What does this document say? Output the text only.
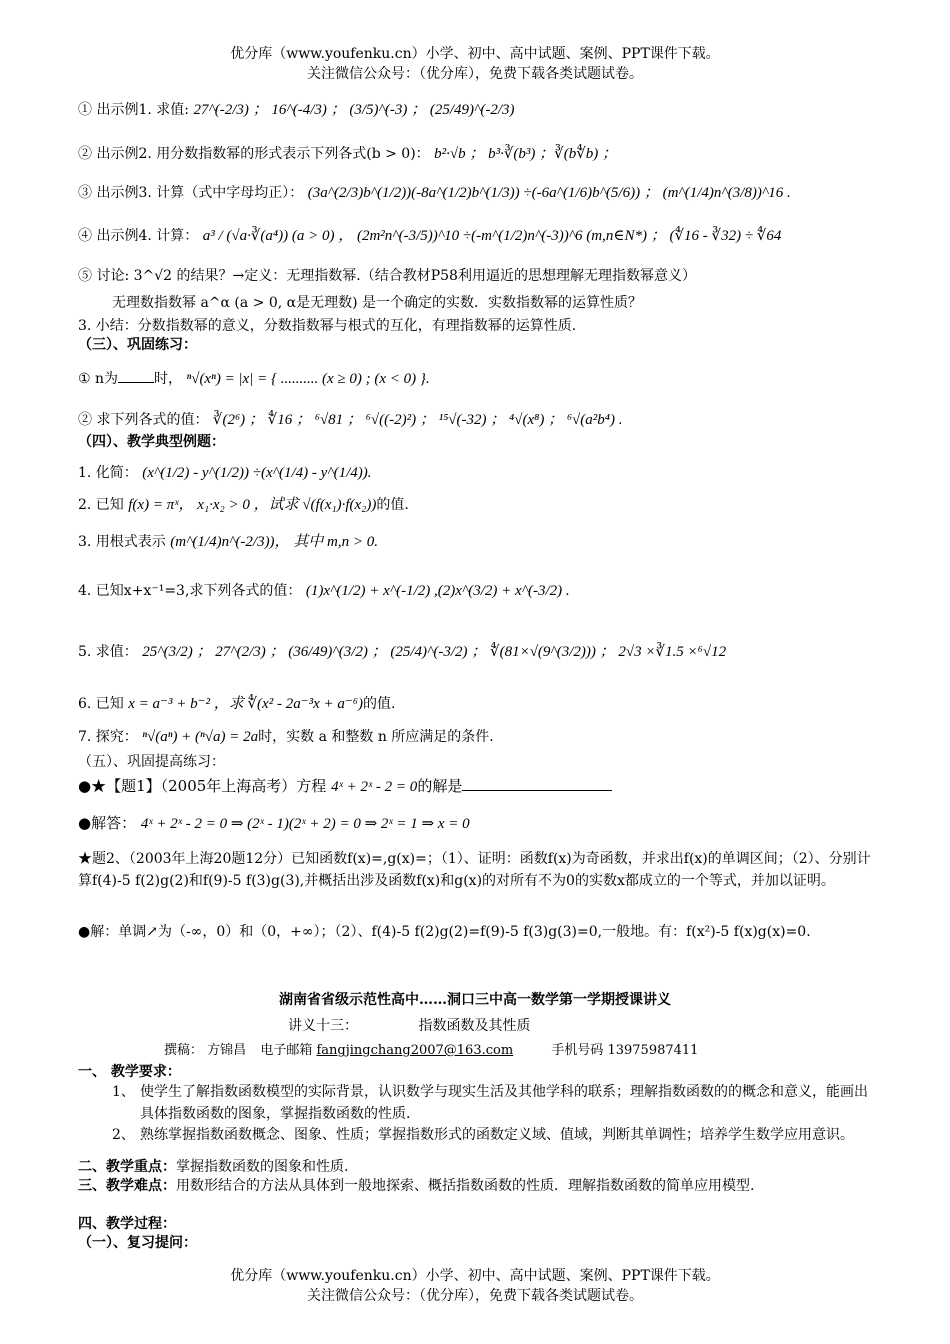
优分库（www.youfenku.cn）小学、初中、高中试题、案例、PPT课件下载。
关注微信公众号：（优分库），免费下载各类试题试卷。
① 出示例1. 求值: 27^(-2/3) ； 16^(-4/3) ； (3/5)^(-3) ； (25/49)^(-2/3)
② 出示例2. 用分数指数幂的形式表示下列各式(b > 0)： b²·√b ； b³·∛(b³) ；∛(b∜b) ；
③ 出示例3. 计算（式中字母均正）： (3a^(2/3)b^(1/2))(-8a^(1/2)b^(1/3)) ÷(-6a^(1/6)b^(5/6)) ； (m^(1/4)n^(3/8))^16 .
④ 出示例4. 计算： a³ / (√a·∛(a⁴)) (a > 0) ， (2m²n^(-3/5))^10 ÷(-m^(1/2)n^(-3))^6 (m,n∈N*) ； (∜16 - ∛32) ÷ ∜64
⑤ 讨论: 3^√2 的结果？→定义：无理指数幂.（结合教材P58利用逼近的思想理解无理指数幂意义）
无理数指数幂 a^α (a > 0, α是无理数) 是一个确定的实数．实数指数幂的运算性质？
3. 小结：分数指数幂的意义，分数指数幂与根式的互化，有理指数幂的运算性质.
（三）、巩固练习：
① n为	时， ⁿ√(xⁿ) = |x| = { .......... (x ≥ 0) ; (x < 0) }.
② 求下列各式的值： ∛(2⁶) ； ∜16 ； ⁶√81 ； ⁶√((-2)²) ； ¹⁵√(-32) ； ⁴√(x⁸) ； ⁶√(a²b⁴) .
（四）、教学典型例题：
1. 化简： (x^(1/2) - y^(1/2)) ÷(x^(1/4) - y^(1/4)).
2. 已知 f(x) = πˣ， x₁·x₂ > 0 ，试求 √(f(x₁)·f(x₂))的值.
3. 用根式表示 (m^(1/4)n^(-2/3))， 其中 m,n > 0.
4. 已知x+x⁻¹=3,求下列各式的值： (1)x^(1/2) + x^(-1/2) ,(2)x^(3/2) + x^(-3/2) .
5. 求值： 25^(3/2) ； 27^(2/3) ； (36/49)^(3/2) ； (25/4)^(-3/2) ； ∜(81×√(9^(3/2))) ； 2√3 ×∛1.5 ×⁶√12
6. 已知 x = a⁻³ + b⁻² ，求 ∜(x² - 2a⁻³x + a⁻⁶)的值.
7. 探究： ⁿ√(aⁿ) + (ⁿ√a) = 2a时，实数 a 和整数 n 所应满足的条件.
（五）、巩固提高练习：
●★【题1】（2005年上海高考）方程 4ˣ + 2ˣ - 2 = 0的解是
●解答： 4ˣ + 2ˣ - 2 = 0 ⇒ (2ˣ - 1)(2ˣ + 2) = 0 ⇒ 2ˣ = 1 ⇒ x = 0
★题2、（2003年上海20题12分）已知函数f(x)=,g(x)=；（1）、证明：函数f(x)为奇函数，并求出f(x)的单调区间；（2）、分别计算f(4)-5 f(2)g(2)和f(9)-5 f(3)g(3),并概括出涉及函数f(x)和g(x)的对所有不为0的实数x都成立的一个等式，并加以证明。
●解：单调↗为（-∞，0）和（0，+∞）；（2）、f(4)-5 f(2)g(2)=f(9)-5 f(3)g(3)=0,一般地。有：f(x²)-5 f(x)g(x)=0.
湖南省省级示范性高中……洞口三中高一数学第一学期授课讲义
讲义十三：	指数函数及其性质
撰稿： 方锦昌 电子邮箱 fangjingchang2007@163.com	手机号码 13975987411
一、 教学要求：
1、 使学生了解指数函数模型的实际背景，认识数学与现实生活及其他学科的联系；理解指数函数的的概念和意义，能画出具体指数函数的图象，掌握指数函数的性质.
2、 熟练掌握指数函数概念、图象、性质；掌握指数形式的函数定义域、值域，判断其单调性；培养学生数学应用意识。
二、教学重点：掌握指数函数的图象和性质.
三、教学难点：用数形结合的方法从具体到一般地探索、概括指数函数的性质．理解指数函数的简单应用模型.
四、教学过程：
（一）、复习提问：
优分库（www.youfenku.cn）小学、初中、高中试题、案例、PPT课件下载。
关注微信公众号：（优分库），免费下载各类试题试卷。
